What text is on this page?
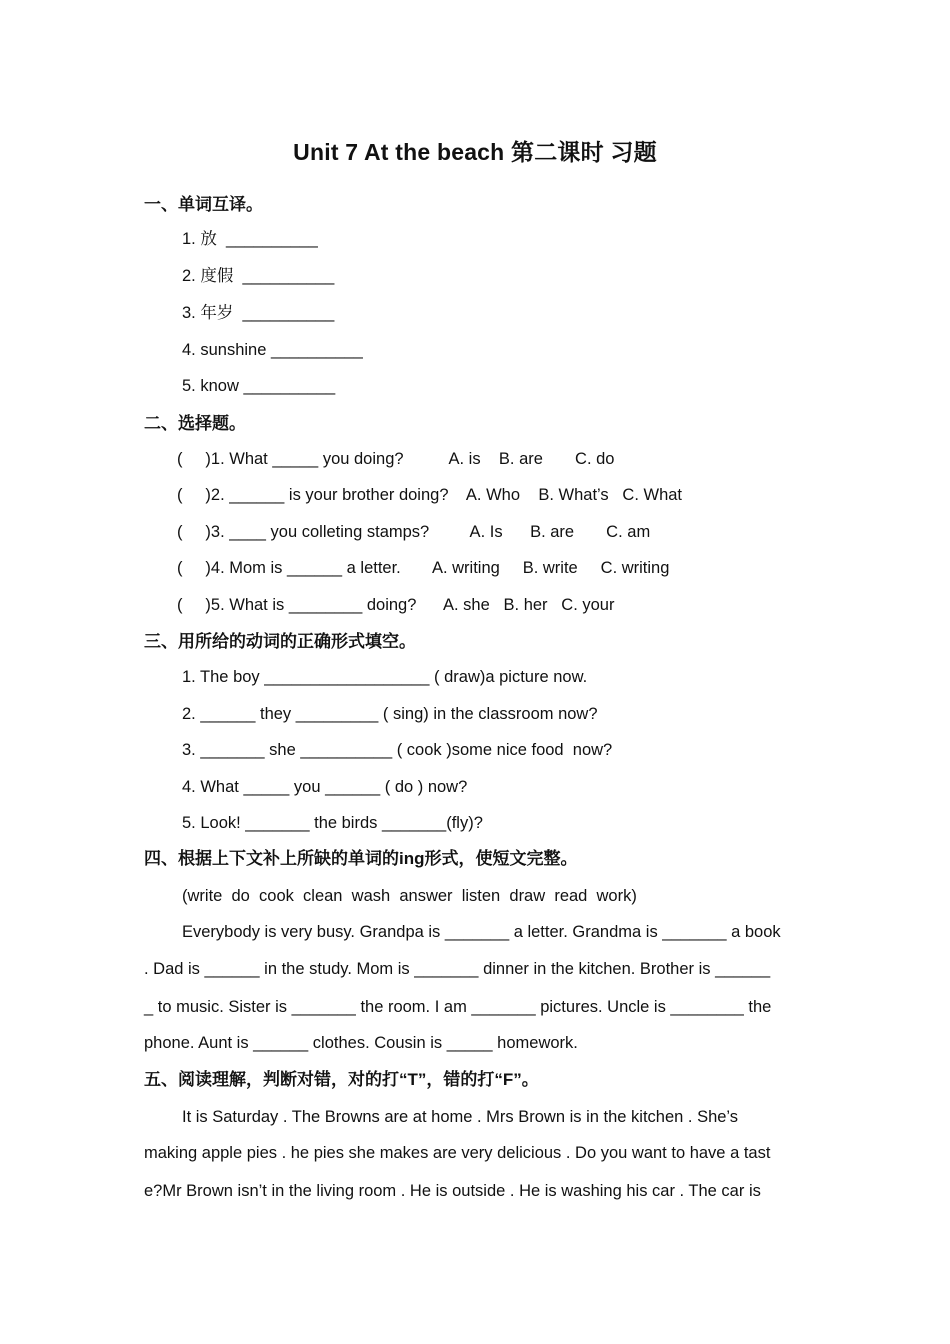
Unit 7 At the beach 第二课时 习题
一、单词互译。
1. 放  __________
2. 度假  __________
3. 年岁  __________
4. sunshine __________
5. know __________
二、选择题。
(     )1. What _____ you doing?          A. is    B. are       C. do
(     )2. ______ is your brother doing?    A. Who    B. What’s   C. What
(     )3. ____ you colleting stamps?         A. Is      B. are       C. am
(     )4. Mom is ______ a letter.       A. writing     B. write     C. writing
(     )5. What is ________ doing?      A. she   B. her   C. your
三、用所给的动词的正确形式填空。
1. The boy __________________ ( draw)a picture now.
2. ______ they _________ ( sing) in the classroom now?
3. _______ she __________ ( cook )some nice food  now?
4. What _____ you ______ ( do ) now?
5. Look! _______ the birds _______(fly)?
四、根据上下文补上所缺的单词的ing形式，使短文完整。
(write  do  cook  clean  wash  answer  listen  draw  read  work)
Everybody is very busy. Grandpa is _______ a letter. Grandma is _______ a book
. Dad is ______ in the study. Mom is _______ dinner in the kitchen. Brother is ______
_ to music. Sister is _______ the room. I am _______ pictures. Uncle is ________ the
phone. Aunt is ______ clothes. Cousin is _____ homework.
五、阅读理解，判断对错，对的打“T”，错的打“F”。
It is Saturday . The Browns are at home . Mrs Brown is in the kitchen . She’s
making apple pies . he pies she makes are very delicious . Do you want to have a tast
e?Mr Brown isn’t in the living room . He is outside . He is washing his car . The car is
